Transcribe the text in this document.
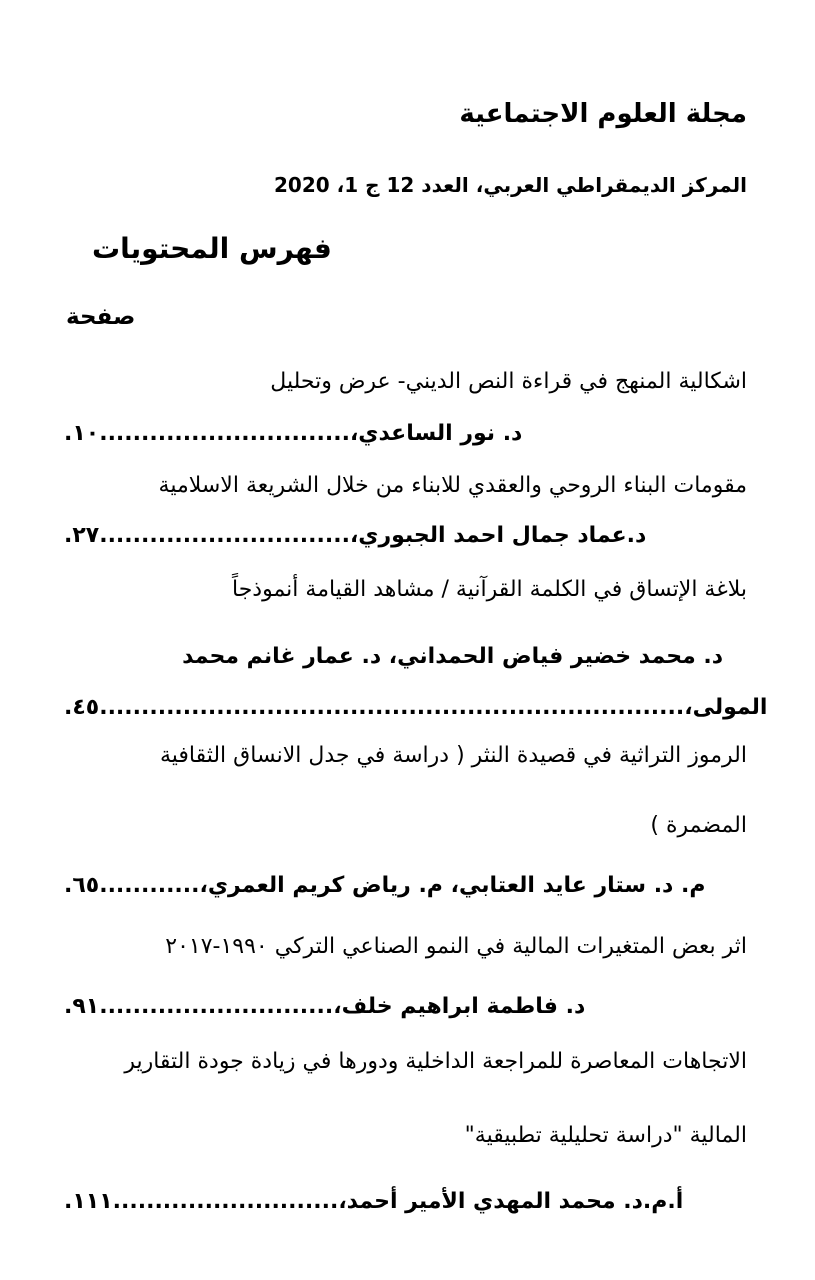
مجلة العلوم الاجتماعية
المركز الديمقراطي العربي، العدد 12 ج 1، 2020
فهرس المحتويات
صفحة
اشكالية المنهج في قراءة النص الديني- عرض وتحليل
د. نور الساعدي،..............................١٠.
مقومات البناء الروحي والعقدي للابناء من خلال الشريعة الاسلامية
د.عماد جمال احمد الجبوري،..............................٢٧.
بلاغة الإتساق في الكلمة القرآنية / مشاهد القيامة أنموذجاً
د. محمد خضير فياض الحمداني، د. عمار غانم محمد
المولى،......................................................................٤٥.
الرموز التراثية في قصيدة النثر ( دراسة في جدل الانساق الثقافية
المضمرة )
م. د. ستار عايد العتابي، م. رياض كريم العمري،............٦٥.
اثر بعض المتغيرات المالية في النمو الصناعي التركي ١٩٩٠-٢٠١٧
د. فاطمة ابراهيم خلف،............................٩١.
الاتجاهات المعاصرة للمراجعة الداخلية ودورها في زيادة جودة التقارير
المالية "دراسة تحليلية تطبيقية"
أ.م.د. محمد المهدي الأمير أحمد،...........................١١١.
